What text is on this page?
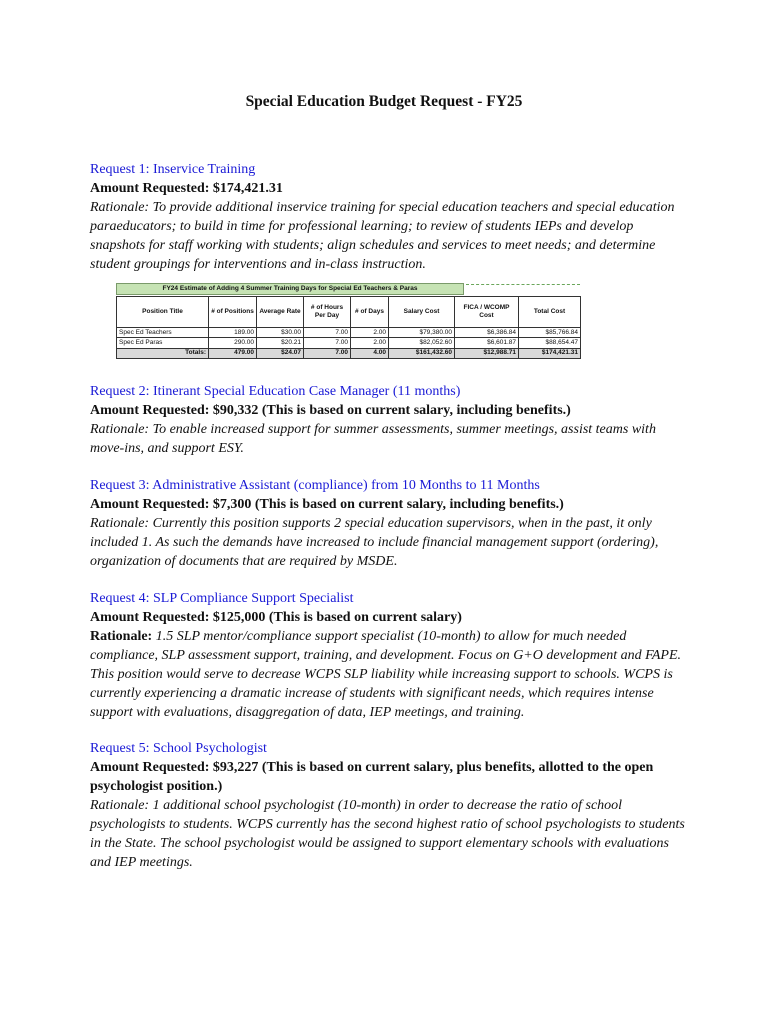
Special Education Budget Request - FY25
Request 1: Inservice Training
Amount Requested: $174,421.31
Rationale: To provide additional inservice training for special education teachers and special education paraeducators; to build in time for professional learning; to review of students IEPs and develop snapshots for staff working with students; align schedules and services to meet needs; and determine student groupings for interventions and in-class instruction.
FY24 Estimate of Adding 4 Summer Training Days for Special Ed Teachers & Paras
Position Title	# of Positions	Average Rate	# of Hours Per Day	# of Days	Salary Cost	FICA / WCOMP Cost	Total Cost
Spec Ed Teachers	189.00	$30.00	7.00	2.00	$79,380.00	$6,386.84	$85,766.84
Spec Ed Paras	290.00	$20.21	7.00	2.00	$82,052.60	$6,601.87	$88,654.47
Totals:	479.00	$24.07	7.00	4.00	$161,432.60	$12,988.71	$174,421.31
Request 2: Itinerant Special Education Case Manager (11 months)
Amount Requested: $90,332 (This is based on current salary, including benefits.)
Rationale: To enable increased support for summer assessments, summer meetings, assist teams with move-ins, and support ESY.
Request 3: Administrative Assistant (compliance) from 10 Months to 11 Months
Amount Requested: $7,300 (This is based on current salary, including benefits.)
Rationale: Currently this position supports 2 special education supervisors, when in the past, it only included 1. As such the demands have increased to include financial management support (ordering), organization of documents that are required by MSDE.
Request 4: SLP Compliance Support Specialist
Amount Requested: $125,000 (This is based on current salary)
Rationale: 1.5 SLP mentor/compliance support specialist (10-month) to allow for much needed compliance, SLP assessment support, training, and development. Focus on G+O development and FAPE. This position would serve to decrease WCPS SLP liability while increasing support to schools. WCPS is currently experiencing a dramatic increase of students with significant needs, which requires intense support with evaluations, disaggregation of data, IEP meetings, and training.
Request 5: School Psychologist
Amount Requested: $93,227 (This is based on current salary, plus benefits, allotted to the open psychologist position.)
Rationale: 1 additional school psychologist (10-month) in order to decrease the ratio of school psychologists to students. WCPS currently has the second highest ratio of school psychologists to students in the State. The school psychologist would be assigned to support elementary schools with evaluations and IEP meetings.
